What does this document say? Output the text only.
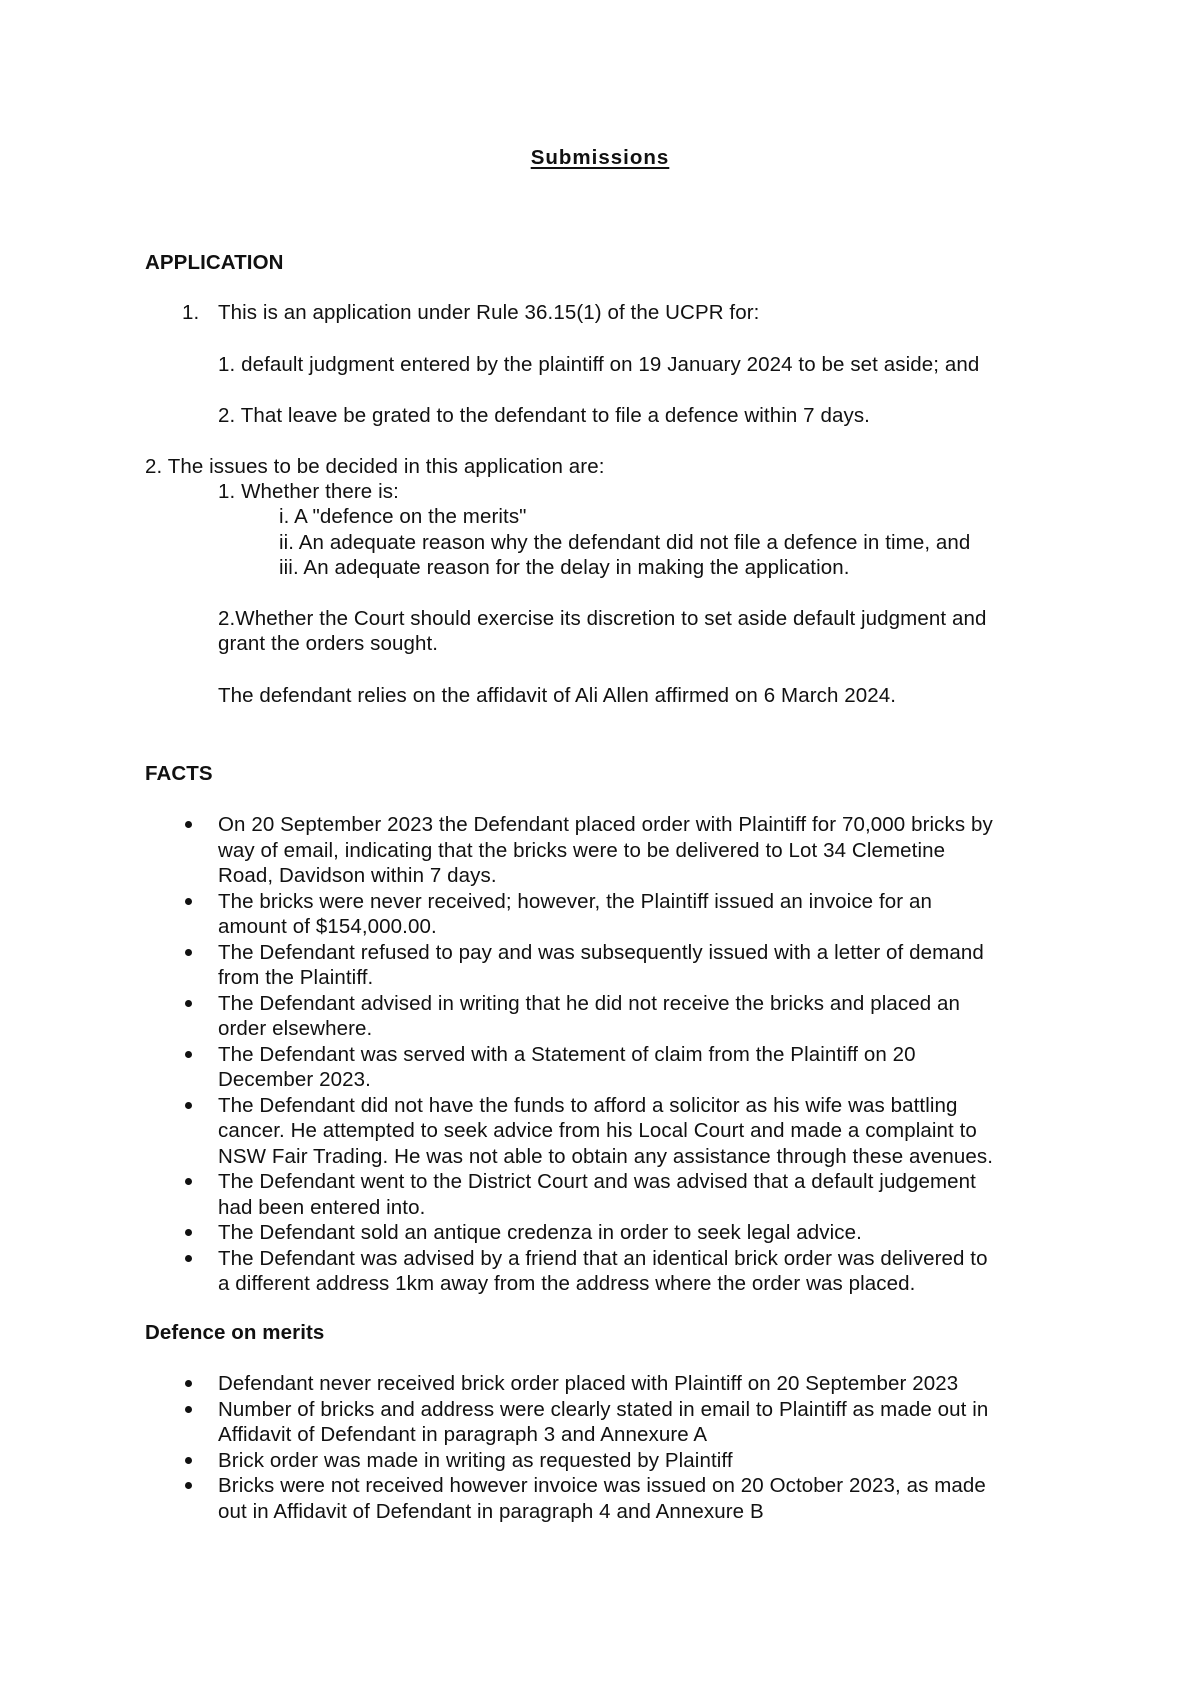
Submissions
APPLICATION
1. This is an application under Rule 36.15(1) of the UCPR for:
1. default judgment entered by the plaintiff on 19 January 2024 to be set aside; and
2. That leave be grated to the defendant to file a defence within 7 days.
2. The issues to be decided in this application are:
1. Whether there is:
i. A "defence on the merits"
ii. An adequate reason why the defendant did not file a defence in time, and
iii. An adequate reason for the delay in making the application.
2.Whether the Court should exercise its discretion to set aside default judgment and
grant the orders sought.
The defendant relies on the affidavit of Ali Allen affirmed on 6 March 2024.
FACTS
On 20 September 2023 the Defendant placed order with Plaintiff for 70,000 bricks by
way of email, indicating that the bricks were to be delivered to Lot 34 Clemetine
Road, Davidson within 7 days.
The bricks were never received; however, the Plaintiff issued an invoice for an
amount of $154,000.00.
The Defendant refused to pay and was subsequently issued with a letter of demand
from the Plaintiff.
The Defendant advised in writing that he did not receive the bricks and placed an
order elsewhere.
The Defendant was served with a Statement of claim from the Plaintiff on 20
December 2023.
The Defendant did not have the funds to afford a solicitor as his wife was battling
cancer. He attempted to seek advice from his Local Court and made a complaint to
NSW Fair Trading. He was not able to obtain any assistance through these avenues.
The Defendant went to the District Court and was advised that a default judgement
had been entered into.
The Defendant sold an antique credenza in order to seek legal advice.
The Defendant was advised by a friend that an identical brick order was delivered to
a different address 1km away from the address where the order was placed.
Defence on merits
Defendant never received brick order placed with Plaintiff on 20 September 2023
Number of bricks and address were clearly stated in email to Plaintiff as made out in
Affidavit of Defendant in paragraph 3 and Annexure A
Brick order was made in writing as requested by Plaintiff
Bricks were not received however invoice was issued on 20 October 2023, as made
out in Affidavit of Defendant in paragraph 4 and Annexure B
